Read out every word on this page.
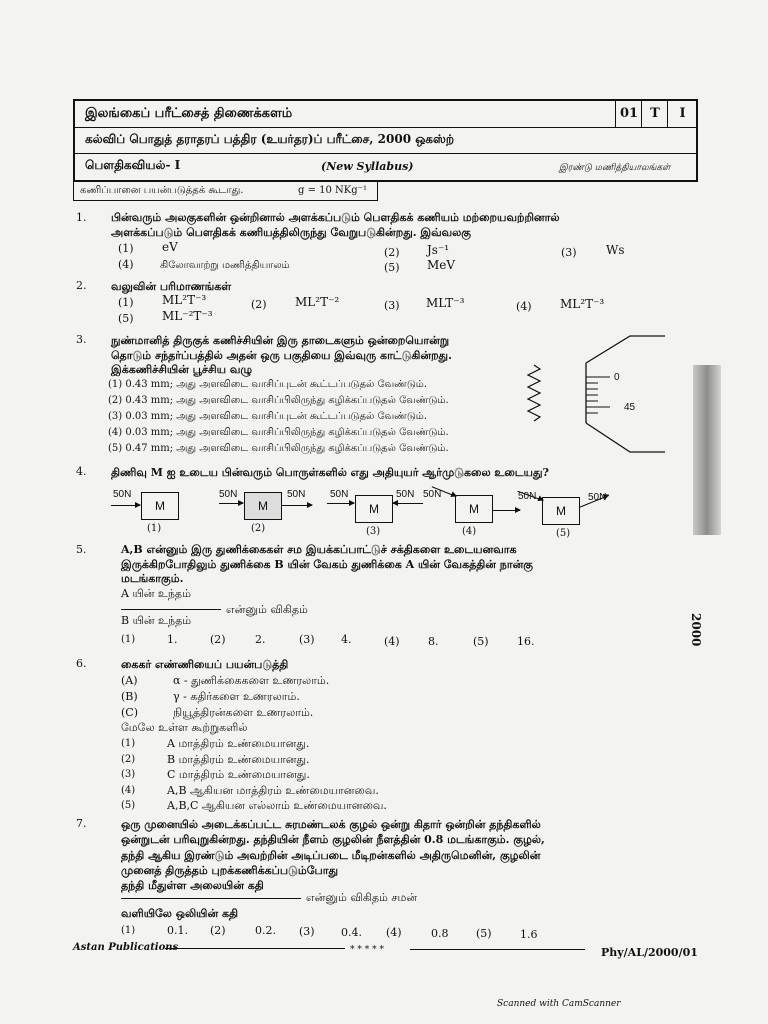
இலங்கைப் பரீட்சைத் திணைக்களம்	01 T	I
கல்விப் பொதுத் தராதரப் பத்திர (உயர்தர)ப் பரீட்சை, 2000 ஒகஸ்ற்
பௌதிகவியல்- I	(New Syllabus)	இரண்டு மணித்தியாலங்கள்
கணிப்பானை பயன்படுத்தக் கூடாது.	g = 10 NKg⁻¹
1. பின்வரும் அலகுகளின் ஒன்றினால் அளக்கப்படும் பௌதிகக் கணியம் மற்றையவற்றினால்
அளக்கப்படும் பௌதிகக் கணியத்திலிருந்து வேறுபடுகின்றது. இவ்வலகு
(1) eV	(2) Js⁻¹	(3) Ws
(4)	கிலோவாற்று மணித்தியாலம்	(5) MeV
2. வலுவின் பரிமாணங்கள்
(1) ML²T⁻³	(2) ML²T⁻²	(3) MLT⁻³	(4) ML²T⁻³
(5) ML⁻²T⁻³
3. நுண்மானித் திருகுக் கணிச்சியின் இரு தாடைகளும் ஒன்றையொன்று
தொடும் சந்தர்ப்பத்தில் அதன் ஒரு பகுதியை இவ்வுரு காட்டுகின்றது.
இக்கணிச்சியின் பூச்சிய வழு
(1) 0.43 mm; அது அளவிடை வாசிப்புடன் கூட்டப்படுதல் வேண்டும்.
(2) 0.43 mm; அது அளவிடை வாசிப்பிலிருந்து கழிக்கப்படுதல் வேண்டும்.
(3) 0.03 mm; அது அளவிடை வாசிப்புடன் கூட்டப்படுதல் வேண்டும்.
(4) 0.03 mm; அது அளவிடை வாசிப்பிலிருந்து கழிக்கப்படுதல் வேண்டும்.
(5) 0.47 mm; அது அளவிடை வாசிப்பிலிருந்து கழிக்கப்படுதல் வேண்டும்.
0
45
4. திணிவு M ஐ உடைய பின்வரும் பொருள்களில் எது அதியுயர் ஆர்முடுகலை உடையது?
50N
M
(1)
50N
M
50N
(2)
50N
M
50N
(3)
50N
M
(4)
50N
M
50N
(5)
5.	A,B என்னும் இரு துணிக்கைகள் சம இயக்கப்பாட்டுச் சக்திகளை உடையனவாக
இருக்கிறபோதிலும் துணிக்கை B யின் வேகம் துணிக்கை A யின் வேகத்தின் நான்கு
மடங்காகும்.
A யின் உந்தம்
என்னும் விகிதம்
B யின் உந்தம்
(1)	1.	(2)	2.	(3) 4.	(4)	8.	(5)	16.	2000
6.	கைகர் எண்ணியைப் பயன்படுத்தி
(A)	α - துணிக்கைகளை உணரலாம்.
(B)	γ - கதிர்களை உணரலாம்.
(C)	நியூத்திரன்களை உணரலாம்.
மேலே உள்ள கூற்றுகளில்
(1)	A மாத்திரம் உண்மையானது.
(2)	B மாத்திரம் உண்மையானது.
(3)	C மாத்திரம் உண்மையானது.
(4)	A,B ஆகியன மாத்திரம் உண்மையானவை.
(5)	A,B,C ஆகியன எல்லாம் உண்மையானவை.
7.	ஒரு முனையில் அடைக்கப்பட்ட சுரமண்டலக் குழல் ஒன்று கிதார் ஒன்றின் தந்திகளில்
ஒன்றுடன் பரிவுறுகின்றது. தந்தியின் நீளம் குழலின் நீளத்தின் 0.8 மடங்காகும். குழல்,
தந்தி ஆகிய இரண்டும் அவற்றின் அடிப்படை மீடிறன்களில் அதிருமெனின், குழலின்
முனைத் திருத்தம் புறக்கணிக்கப்படும்போது
தந்தி மீதுள்ள அலையின் கதி
என்னும் விகிதம் சமன்
வளியிலே ஒலியின் கதி
(1)	0.1. (2)	0.2. (3) 0.4. (4)	0.8	(5)	1.6
Astan Publications	* * * * *	Phy/AL/2000/01
Scanned with CamScanner
